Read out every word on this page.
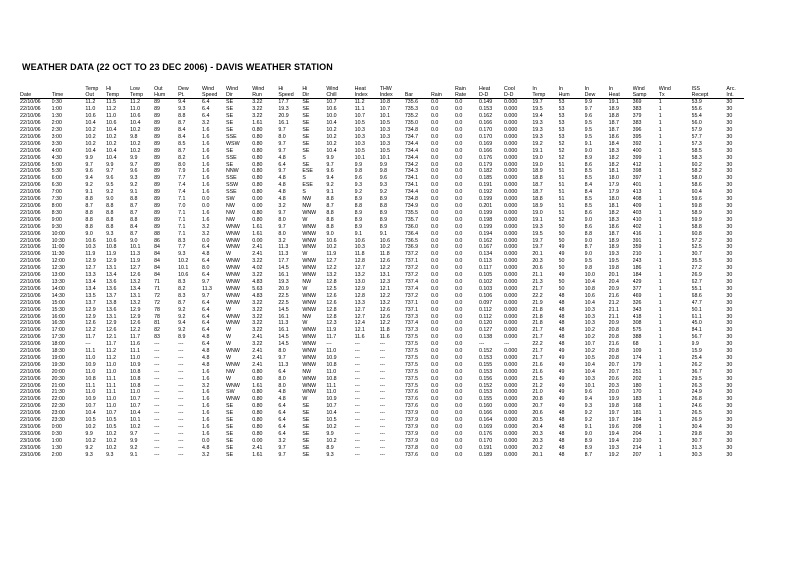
WEATHER DATA (22 OCT TO 23 DEC 2006) - DAVIS WEATHER STATION
		Temp	Hi	Low	Out	Dew	Wind	Wind	Wind	Hi	Hi	Wind	Heat	THW			Rain	Heat	Cool	In	In	In	In	Wind	Wind	ISS	Arc.
Date	Time	Out	Temp	Temp	Hum	Pt.	Speed	Dir	Run	Speed	Dir	Chill	Index	Index	Bar	Rain	Rate	D-D	D-D	Temp	Hum	Dew	Heat	Samp	Tx	Recept	Int.
22/10/06	0:30	11.2	11.5	11.2	89	9.4	6.4	SE	3.22	17.7	SE	10.7	11.2	10.8	735.6	0.0	0.0	0.149	0.000	19.7	53	9.9	19.1	369	1	53.9	30
22/10/06	1:00	11.0	11.2	11.0	89	9.3	6.4	SE	3.22	19.3	SE	10.6	11.1	10.7	735.3	0.0	0.0	0.153	0.000	19.5	53	9.7	18.9	383	1	55.6	30
22/10/06	1:30	10.6	11.0	10.6	89	8.8	6.4	SE	3.22	20.9	SE	10.0	10.7	10.1	735.2	0.0	0.0	0.162	0.000	19.4	53	9.6	18.8	379	1	55.4	30
22/10/06	2:00	10.4	10.6	10.4	89	8.7	3.2	SE	1.61	16.1	SE	10.4	10.5	10.5	735.0	0.0	0.0	0.166	0.000	19.3	53	9.5	18.7	383	1	56.0	30
22/10/06	2:30	10.2	10.4	10.2	89	8.4	1.6	SE	0.80	9.7	SE	10.2	10.3	10.3	734.8	0.0	0.0	0.170	0.000	19.3	53	9.5	18.7	396	1	57.9	30
22/10/06	3:00	10.2	10.2	9.8	89	8.4	1.6	SSE	0.80	8.0	SE	10.2	10.3	10.3	734.7	0.0	0.0	0.170	0.000	19.3	53	9.5	18.6	395	1	57.7	30
22/10/06	3:30	10.2	10.2	10.2	89	8.5	1.6	WSW	0.80	9.7	SE	10.2	10.3	10.3	734.4	0.0	0.0	0.169	0.000	19.2	52	9.1	18.4	392	1	57.3	30
22/10/06	4:00	10.4	10.4	10.2	89	8.7	1.6	SE	0.80	9.7	SE	10.4	10.5	10.5	734.4	0.0	0.0	0.166	0.000	19.1	52	9.0	18.3	400	1	58.5	30
22/10/06	4:30	9.9	10.4	9.9	89	8.2	1.6	SSE	0.80	4.8	S	9.9	10.1	10.1	734.4	0.0	0.0	0.176	0.000	19.0	52	8.9	18.2	399	1	58.3	30
22/10/06	5:00	9.7	9.9	9.7	89	8.0	1.6	SE	0.80	6.4	SE	9.7	9.9	9.9	734.2	0.0	0.0	0.179	0.000	19.0	51	8.6	18.2	412	1	60.2	30
22/10/06	5:30	9.6	9.7	9.6	89	7.9	1.6	NNW	0.80	9.7	ESE	9.6	9.8	9.8	734.3	0.0	0.0	0.182	0.000	18.9	51	8.5	18.1	398	1	58.2	30
22/10/06	6:00	9.4	9.6	9.3	89	7.7	1.6	SSE	0.80	4.8	S	9.4	9.6	9.6	734.1	0.0	0.0	0.185	0.000	18.8	51	8.5	18.0	397	1	58.0	30
22/10/06	6:30	9.2	9.5	9.2	89	7.4	1.6	SSW	0.80	4.8	ESE	9.2	9.3	9.3	734.1	0.0	0.0	0.191	0.000	18.7	51	8.4	17.9	401	1	58.6	30
22/10/06	7:00	9.1	9.2	9.1	89	7.4	1.6	SSE	0.80	4.8	S	9.1	9.2	9.2	734.4	0.0	0.0	0.192	0.000	18.7	51	8.4	17.9	413	1	60.4	30
22/10/06	7:30	8.8	9.0	8.8	89	7.1	0.0	SW	0.00	4.8	NW	8.8	8.9	8.9	734.8	0.0	0.0	0.199	0.000	18.8	51	8.5	18.0	408	1	59.6	30
22/10/06	8:00	8.7	8.8	8.7	89	7.0	0.0	NW	0.00	3.2	NW	8.7	8.8	8.8	734.9	0.0	0.0	0.201	0.000	18.9	51	8.5	18.1	409	1	59.8	30
22/10/06	8:30	8.8	8.8	8.7	89	7.1	1.6	NW	0.80	9.7	WNW	8.8	8.9	8.9	735.5	0.0	0.0	0.199	0.000	19.0	51	8.6	18.2	403	1	58.9	30
22/10/06	9:00	8.8	8.8	8.8	89	7.1	1.6	NW	0.80	8.0	W	8.8	8.9	8.9	735.7	0.0	0.0	0.198	0.000	19.1	52	9.0	18.3	410	1	59.9	30
22/10/06	9:30	8.8	8.8	8.4	89	7.1	3.2	WNW	1.61	9.7	WNW	8.8	8.9	8.9	736.0	0.0	0.0	0.199	0.000	19.3	50	8.6	18.6	402	1	58.8	30
22/10/06	10:00	9.0	9.3	8.7	88	7.1	3.2	WNW	1.61	8.0	WNW	9.0	9.1	9.1	736.4	0.0	0.0	0.194	0.000	19.5	50	8.8	18.7	416	1	60.8	30
22/10/06	10:30	10.6	10.6	9.0	86	8.3	0.0	WNW	0.00	3.2	WNW	10.6	10.6	10.6	736.5	0.0	0.0	0.162	0.000	19.7	50	9.0	18.9	391	1	57.2	30
22/10/06	11:00	10.3	10.8	10.1	84	7.7	6.4	WNW	2.41	11.3	WNW	10.2	10.3	10.2	736.9	0.0	0.0	0.167	0.000	19.7	49	8.7	18.9	359	1	52.5	30
22/10/06	11:30	11.9	11.9	11.3	84	9.3	4.8	W	2.41	11.3	W	11.9	11.8	11.8	737.2	0.0	0.0	0.134	0.000	20.1	49	9.0	19.3	210	1	30.7	30
22/10/06	12:00	12.9	12.9	11.9	84	10.2	6.4	WNW	3.22	17.7	WNW	12.7	12.8	12.6	737.1	0.0	0.0	0.113	0.000	20.3	50	9.5	19.5	243	1	35.5	30
22/10/06	12:30	12.7	13.1	12.7	84	10.1	8.0	WNW	4.02	14.5	WNW	12.2	12.7	12.2	737.2	0.0	0.0	0.117	0.000	20.6	50	9.8	19.8	186	1	27.2	30
22/10/06	13:00	13.3	13.4	12.6	84	10.6	6.4	WNW	3.22	16.1	WNW	13.2	13.2	13.1	737.2	0.0	0.0	0.105	0.000	21.1	49	10.0	20.1	184	1	26.9	30
22/10/06	13:30	13.4	13.6	13.2	71	8.3	9.7	WNW	4.83	19.3	NW	12.8	13.0	12.3	737.4	0.0	0.0	0.102	0.000	21.3	50	10.4	20.4	429	1	62.7	30
22/10/06	14:00	13.4	13.6	13.4	71	8.2	11.3	WNW	5.63	20.9	W	12.5	12.9	12.1	737.4	0.0	0.0	0.103	0.000	21.7	50	10.8	20.9	377	1	55.1	30
22/10/06	14:30	13.5	13.7	13.1	72	8.3	9.7	WNW	4.83	22.5	WNW	12.6	12.8	12.2	737.2	0.0	0.0	0.106	0.000	22.2	48	10.6	21.6	469	1	68.6	30
22/10/06	15:00	13.7	13.8	13.2	72	8.7	6.4	WNW	3.22	22.5	WNW	12.6	13.3	13.2	737.1	0.0	0.0	0.097	0.000	21.9	48	10.4	21.2	326	1	47.7	30
22/10/06	15:30	12.9	13.6	12.9	78	9.2	6.4	W	3.22	14.5	WNW	12.8	12.7	12.6	737.1	0.0	0.0	0.112	0.000	21.8	48	10.3	21.1	343	1	50.1	30
22/10/06	16:00	12.9	13.1	12.9	78	9.2	6.4	WNW	3.22	16.1	NW	12.8	12.7	12.6	737.3	0.0	0.0	0.112	0.000	21.8	48	10.3	21.1	418	1	61.1	30
22/10/06	16:30	12.6	12.9	12.6	81	9.4	6.4	WNW	3.22	11.3	W	12.3	12.4	12.2	737.4	0.0	0.0	0.120	0.000	21.8	48	10.3	20.9	308	1	45.0	30
22/10/06	17:00	12.2	12.6	12.2	82	9.2	6.4	W	3.22	16.1	WNW	11.9	12.1	11.8	737.3	0.0	0.0	0.127	0.000	21.7	48	10.2	20.8	575	1	84.1	30
22/10/06	17:30	11.7	12.1	11.7	83	8.9	4.8	W	2.41	14.5	WNW	11.7	11.6	11.6	737.5	0.0	0.0	0.138	0.000	21.7	48	10.2	20.8	388	1	56.7	30
22/10/06	18:00	---	11.7	11.6	---	---	6.4	W	3.22	14.5	WNW	---	---	---	737.5	0.0	0.0	---	---	22.2	48	10.7	21.6	68	1	9.9	30
22/10/06	18:30	11.1	11.2	11.1	---	---	4.8	WNW	2.41	8.0	WNW	11.0	---	---	737.5	0.0	0.0	0.152	0.000	21.7	49	10.2	20.8	109	1	15.9	30
22/10/06	19:00	11.0	11.2	11.0	---	---	4.8	W	2.41	9.7	WNW	10.9	---	---	737.5	0.0	0.0	0.153	0.000	21.7	49	10.5	20.8	174	1	25.4	30
22/10/06	19:30	10.9	11.0	10.9	---	---	4.8	WNW	2.41	11.3	WNW	10.8	---	---	737.5	0.0	0.0	0.155	0.000	21.6	49	10.4	20.7	179	1	26.2	30
22/10/06	20:00	11.0	11.0	10.8	---	---	1.6	NW	0.80	6.4	NW	11.0	---	---	737.5	0.0	0.0	0.153	0.000	21.6	49	10.4	20.7	251	1	36.7	30
22/10/06	20:30	10.8	11.1	10.8	---	---	1.6	W	0.80	8.0	WNW	10.8	---	---	737.5	0.0	0.0	0.156	0.000	21.5	49	10.3	20.6	202	1	29.5	30
22/10/06	21:00	11.1	11.1	10.8	---	---	3.2	WNW	1.61	8.0	WNW	11.1	---	---	737.5	0.0	0.0	0.152	0.000	21.2	49	10.1	20.3	180	1	26.3	30
22/10/06	21:30	11.0	11.1	11.0	---	---	1.6	SW	0.80	4.8	WNW	11.0	---	---	737.6	0.0	0.0	0.153	0.000	21.0	49	9.6	20.0	170	1	24.9	30
22/10/06	22:00	10.9	11.0	10.7	---	---	1.6	WNW	0.80	4.8	W	10.9	---	---	737.6	0.0	0.0	0.155	0.000	20.8	49	9.4	19.9	183	1	26.8	30
22/10/06	22:30	10.7	11.0	10.7	---	---	1.6	SE	0.80	6.4	SE	10.7	---	---	737.6	0.0	0.0	0.160	0.000	20.7	49	9.3	19.8	168	1	24.6	30
22/10/06	23:00	10.4	10.7	10.4	---	---	1.6	SE	0.80	6.4	SE	10.4	---	---	737.9	0.0	0.0	0.166	0.000	20.6	48	9.2	19.7	181	1	26.5	30
22/10/06	23:30	10.5	10.5	10.1	---	---	1.6	SE	0.80	6.4	SE	10.5	---	---	737.9	0.0	0.0	0.164	0.000	20.5	48	9.2	19.7	184	1	26.9	30
23/10/06	0:00	10.2	10.5	10.2	---	---	1.6	SE	0.80	6.4	SE	10.2	---	---	737.9	0.0	0.0	0.169	0.000	20.4	48	9.1	19.6	208	1	30.4	30
23/10/06	0:30	9.9	10.2	9.7	---	---	1.6	SE	0.80	6.4	SE	9.9	---	---	737.9	0.0	0.0	0.176	0.000	20.3	48	9.0	19.4	204	1	29.8	30
23/10/06	1:00	10.2	10.2	9.9	---	---	0.0	SE	0.00	3.2	SE	10.2	---	---	737.9	0.0	0.0	0.170	0.000	20.3	48	8.9	19.4	210	1	30.7	30
23/10/06	1:30	9.2	10.2	9.2	---	---	4.8	SE	2.41	9.7	SE	8.9	---	---	737.8	0.0	0.0	0.191	0.000	20.2	48	8.9	19.3	214	1	31.3	30
23/10/06	2:00	9.3	9.3	9.1	---	---	3.2	SE	1.61	9.7	SE	9.3	---	---	737.6	0.0	0.0	0.189	0.000	20.1	48	8.7	19.2	207	1	30.3	30
